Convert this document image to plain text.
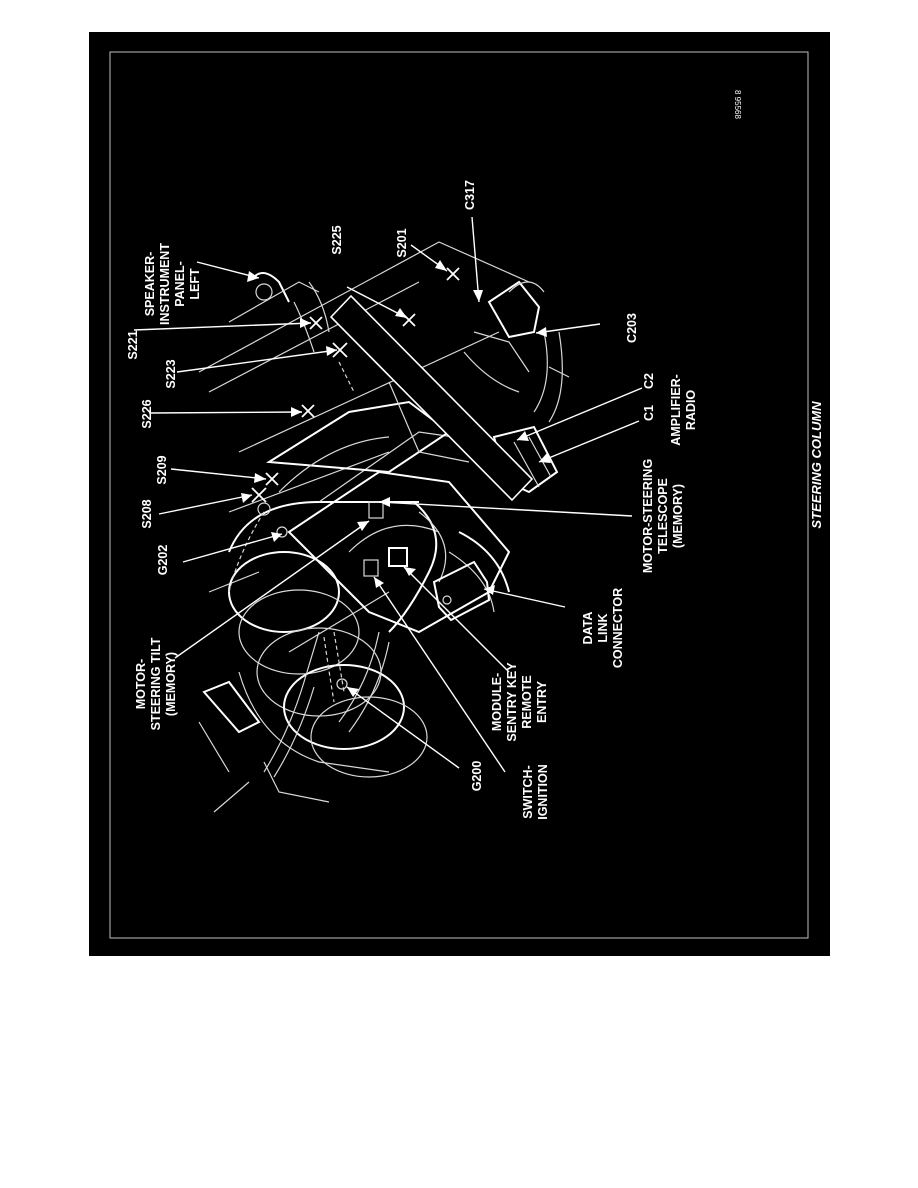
8 95568
SPEAKER- INSTRUMENT PANEL- LEFT
C317
S225	S201
S221
S223
C203
S226
C2
C1 AMPLIFIER- RADIO
S209
S208
G202
MOTOR- STEERING TILT (MEMORY)
MOTOR-STEERING TELESCOPE (MEMORY)
DATA LINK CONNECTOR
MODULE- SENTRY KEY REMOTE ENTRY
SWITCH- IGNITION
G200
STEERING COLUMN
